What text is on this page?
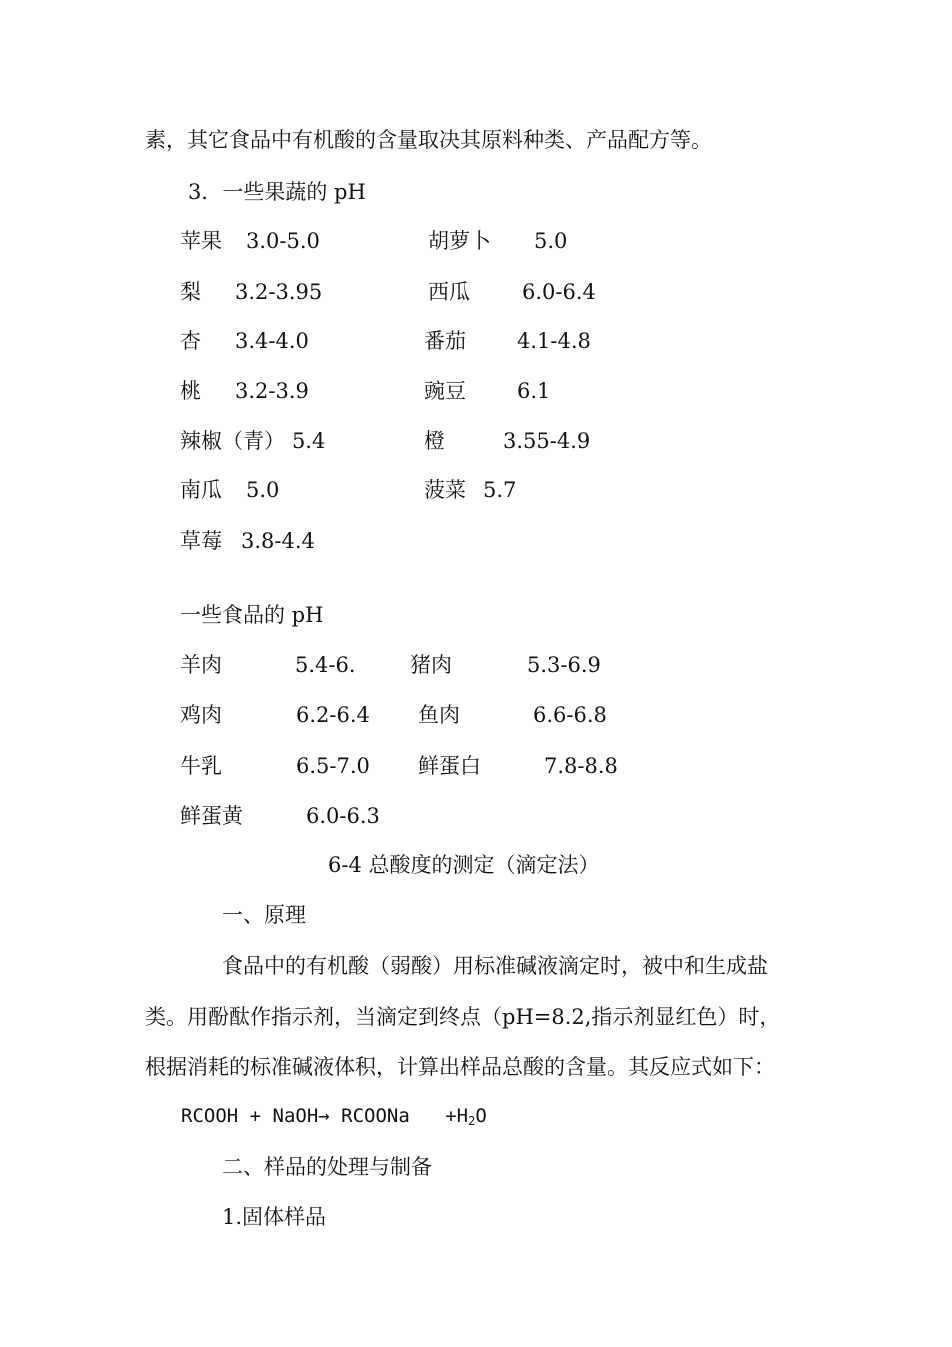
素，其它食品中有机酸的含量取决其原料种类、产品配方等。
3．一些果蔬的 pH
苹果 3.0-5.0	胡萝卜 5.0
梨 3.2-3.95	西瓜 6.0-6.4
杏 3.4-4.0	番茄 4.1-4.8
桃 3.2-3.9	豌豆 6.1
辣椒（青） 5.4	橙	3.55-4.9
南瓜 5.0	菠菜 5.7
草莓 3.8-4.4
一些食品的 pH
羊肉	5.4-6.	猪肉	5.3-6.9
鸡肉	6.2-6.4 鱼肉	6.6-6.8
牛乳	6.5-7.0 鲜蛋白	7.8-8.8
鲜蛋黄	6.0-6.3
6-4 总酸度的测定（滴定法）
一、原理
食品中的有机酸（弱酸）用标准碱液滴定时，被中和生成盐
类。用酚酞作指示剂，当滴定到终点（pH=8.2,指示剂显红色）时，
根据消耗的标准碱液体积，计算出样品总酸的含量。其反应式如下：
RCOOH + NaOH→ RCOONa $+H_2O$
二、样品的处理与制备
1.固体样品
